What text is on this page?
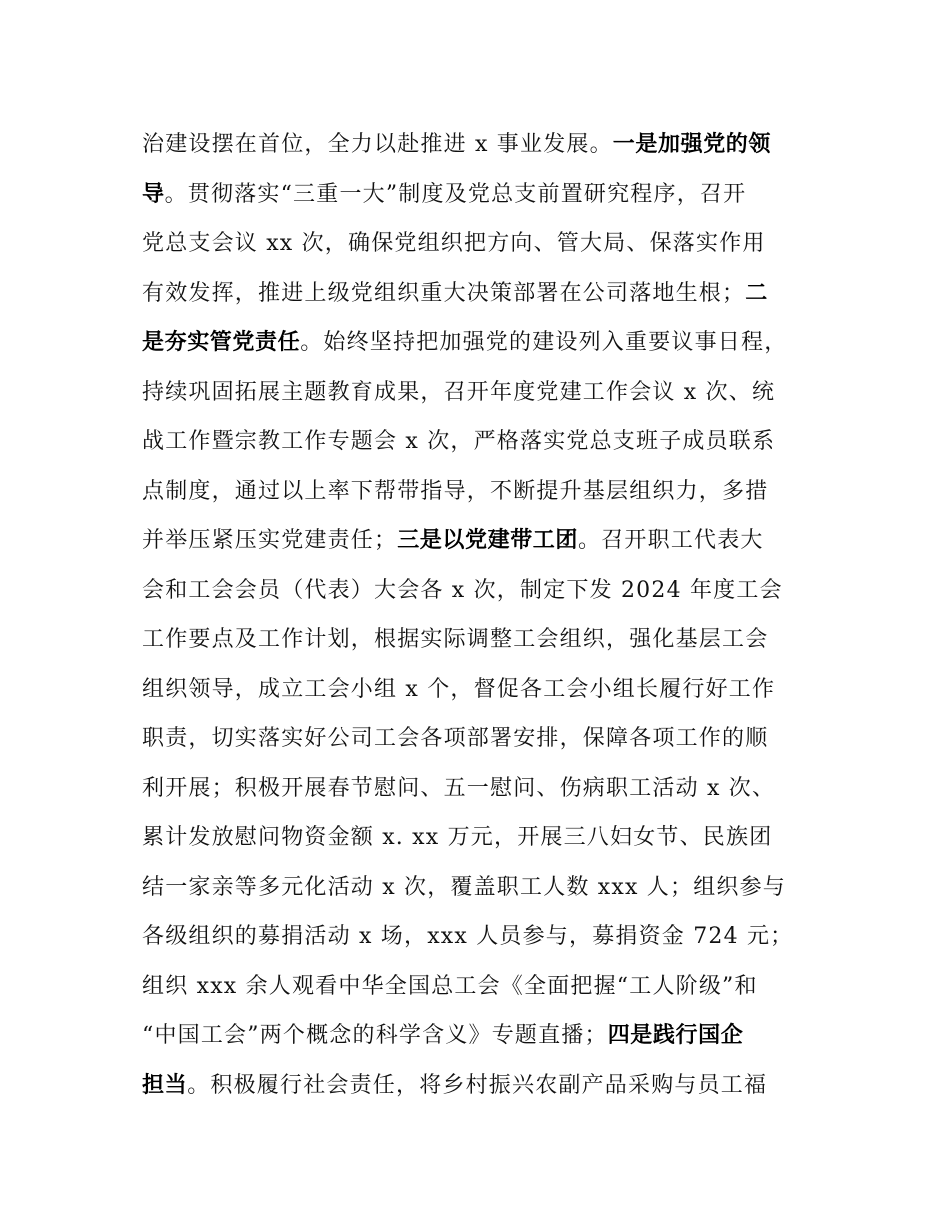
治建设摆在首位，全力以赴推进 x 事业发展。一是加强党的领
导。贯彻落实“三重一大”制度及党总支前置研究程序，召开
党总支会议 xx 次，确保党组织把方向、管大局、保落实作用
有效发挥，推进上级党组织重大决策部署在公司落地生根；二
是夯实管党责任。始终坚持把加强党的建设列入重要议事日程，
持续巩固拓展主题教育成果，召开年度党建工作会议 x 次、统
战工作暨宗教工作专题会 x 次，严格落实党总支班子成员联系
点制度，通过以上率下帮带指导，不断提升基层组织力，多措
并举压紧压实党建责任；三是以党建带工团。召开职工代表大
会和工会会员（代表）大会各 x 次，制定下发 2024 年度工会
工作要点及工作计划，根据实际调整工会组织，强化基层工会
组织领导，成立工会小组 x 个，督促各工会小组长履行好工作
职责，切实落实好公司工会各项部署安排，保障各项工作的顺
利开展；积极开展春节慰问、五一慰问、伤病职工活动 x 次、
累计发放慰问物资金额 x. xx 万元，开展三八妇女节、民族团
结一家亲等多元化活动 x 次，覆盖职工人数 xxx 人；组织参与
各级组织的募捐活动 x 场，xxx 人员参与，募捐资金 724 元；
组织 xxx 余人观看中华全国总工会《全面把握“工人阶级”和
“中国工会”两个概念的科学含义》专题直播；四是践行国企
担当。积极履行社会责任，将乡村振兴农副产品采购与员工福
